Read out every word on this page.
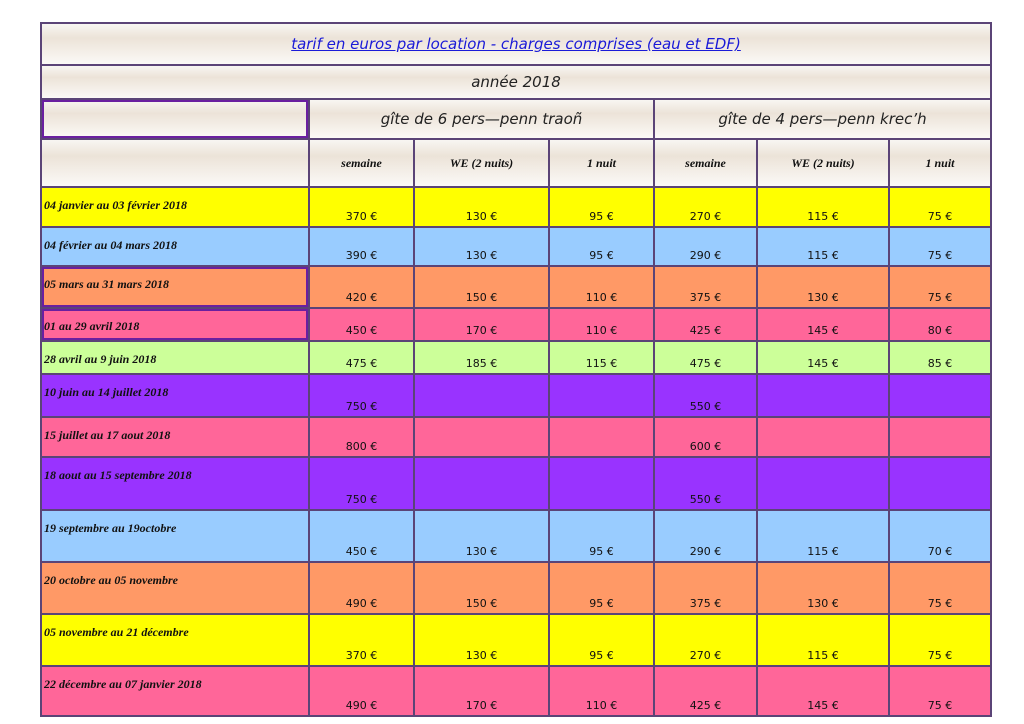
tarif en euros par location - charges comprises (eau et EDF)						
année 2018						
	gîte de 6 pers—penn traoñ			gîte de 4 pers—penn krec’h		
	semaine	WE (2 nuits)	1 nuit	semaine	WE (2 nuits)	1 nuit
04 janvier au 03 février 2018	370 €	130 €	95 €	270 €	115 €	75 €
04 février au 04 mars 2018	390 €	130 €	95 €	290 €	115 €	75 €
05 mars au 31 mars 2018	420 €	150 €	110 €	375 €	130 €	75 €
01 au 29 avril 2018	450 €	170 €	110 €	425 €	145 €	80 €
28 avril au 9 juin 2018	475 €	185 €	115 €	475 €	145 €	85 €
10 juin au 14 juillet 2018	750 €			550 €		
15 juillet au 17 aout 2018	800 €			600 €		
18 aout au 15 septembre 2018	750 €			550 €		
19 septembre au 19octobre	450 €	130 €	95 €	290 €	115 €	70 €
20 octobre au 05 novembre	490 €	150 €	95 €	375 €	130 €	75 €
05 novembre au 21 décembre	370 €	130 €	95 €	270 €	115 €	75 €
22 décembre au 07 janvier 2018	490 €	170 €	110 €	425 €	145 €	75 €
